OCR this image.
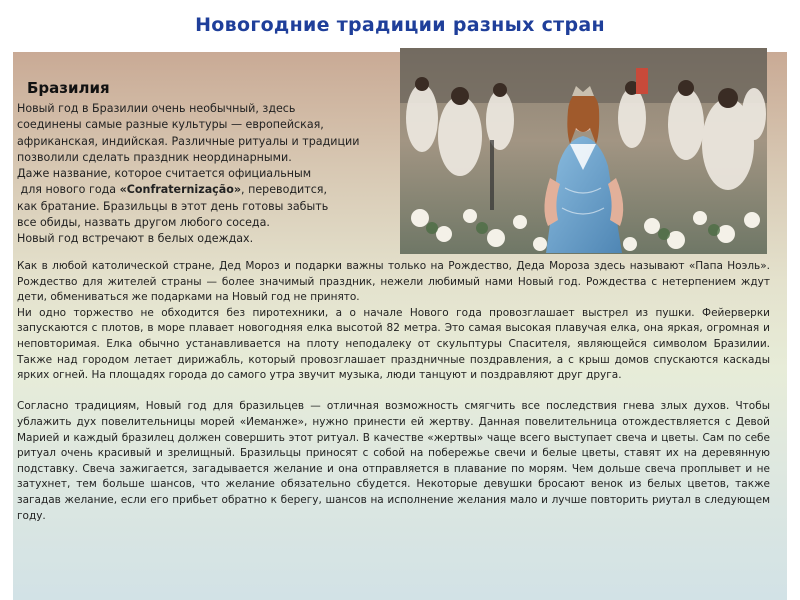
Новогодние традиции разных стран
Бразилия
Новый год в Бразилии очень необычный, здесь
соединены самые разные культуры — европейская,
африканская, индийская. Различные ритуалы и традиции
позволили сделать праздник неординарными.
Даже название, которое считается официальным
для нового года «Confraternização», переводится,
как братание. Бразильцы в этот день готовы забыть
все обиды, назвать другом любого соседа.
Новый год встречают в белых одеждах.

Как в любой католической стране, Дед Мороз и подарки важны только на Рождество, Деда Мороза здесь называют «Папа Ноэль». Рождество для жителей страны — более значимый праздник, нежели любимый нами Новый год. Рождества с нетерпением ждут дети, обмениваться же подарками на Новый год не принято.

Ни одно торжество не обходится без пиротехники, а о начале Нового года провозглашает выстрел из пушки. Фейерверки запускаются с плотов, в море плавает новогодняя елка высотой 82 метра. Это самая высокая плавучая елка, она яркая, огромная и неповторимая. Елка обычно устанавливается на плоту неподалеку от скульптуры Спасителя, являющейся символом Бразилии. Также над городом летает дирижабль, который провозглашает праздничные поздравления, а с крыш домов спускаются каскады ярких огней. На площадях города до самого утра звучит музыка, люди танцуют и поздравляют друг друга.

Согласно традициям, Новый год для бразильцев — отличная возможность смягчить все последствия гнева злых духов. Чтобы ублажить дух повелительницы морей «Иеманже», нужно принести ей жертву. Данная повелительница отождествляется с Девой Марией и каждый бразилец должен совершить этот ритуал. В качестве «жертвы» чаще всего выступает свеча и цветы. Сам по себе ритуал очень красивый и зрелищный. Бразильцы приносят с собой на побережье свечи и белые цветы, ставят их на деревянную подставку. Свеча зажигается, загадывается желание и она отправляется в плавание по морям. Чем дольше свеча проплывет и не затухнет, тем больше шансов, что желание обязательно сбудется. Некоторые девушки бросают венок из белых цветов, также загадав желание, если его прибьет обратно к берегу, шансов на исполнение желания мало и лучше повторить риутал в следующем году.
